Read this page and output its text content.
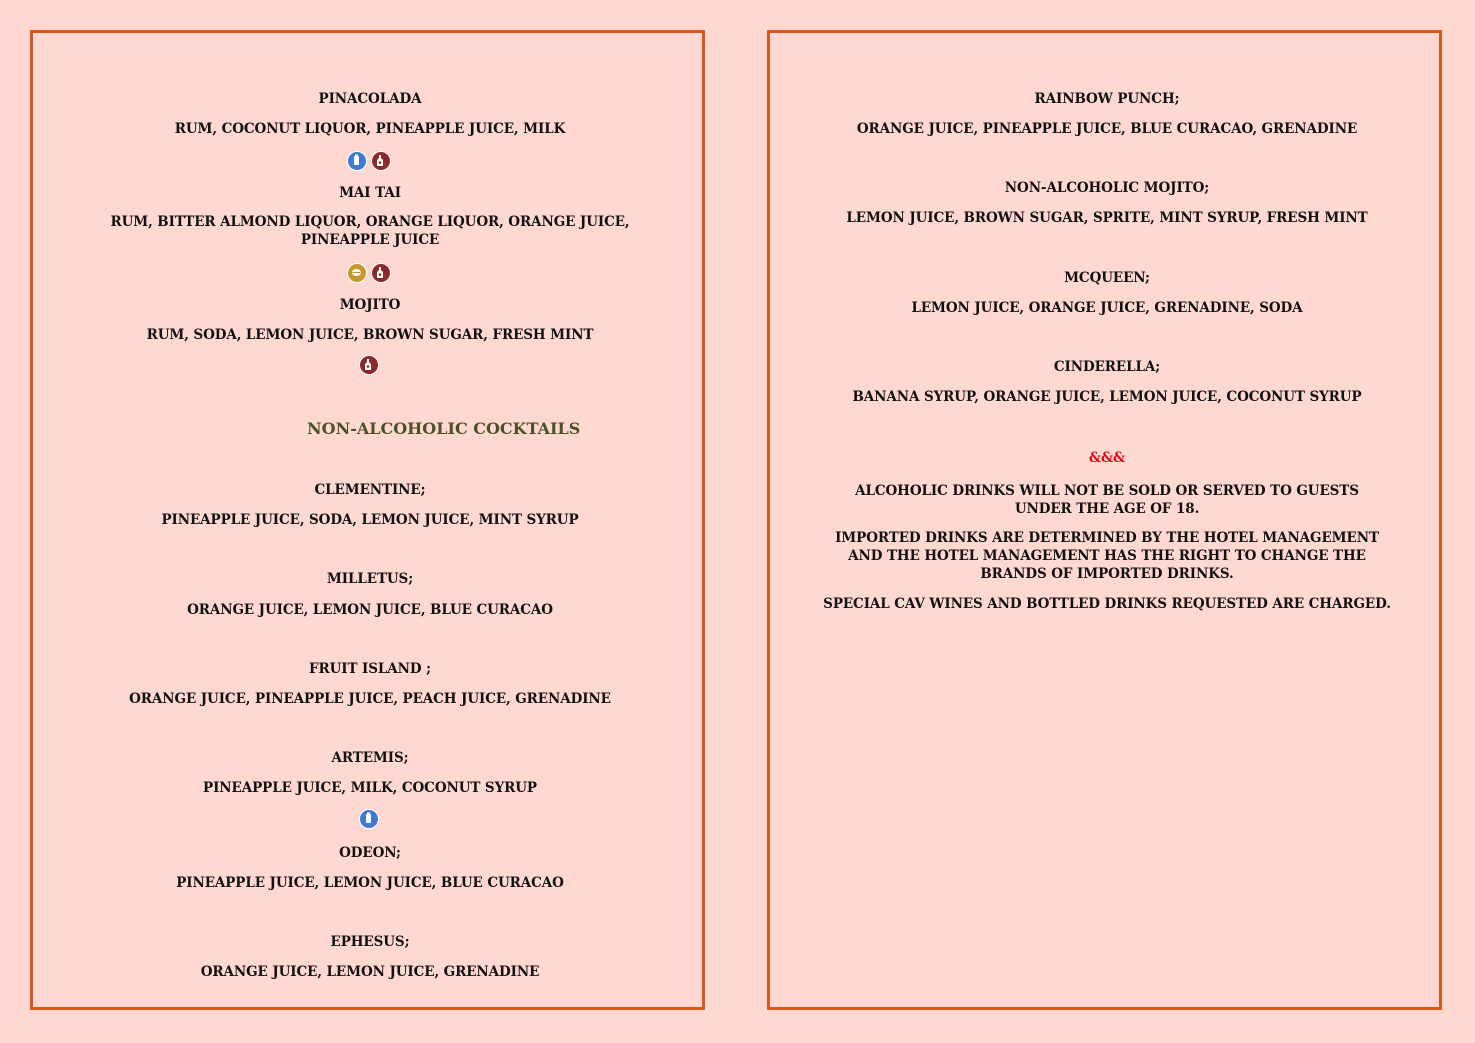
PINACOLADA
RUM, COCONUT LIQUOR, PINEAPPLE JUICE, MILK
MAI TAI
RUM, BITTER ALMOND LIQUOR, ORANGE LIQUOR, ORANGE JUICE, PINEAPPLE JUICE
MOJITO
RUM, SODA, LEMON JUICE, BROWN SUGAR, FRESH MINT
NON-ALCOHOLIC COCKTAILS
CLEMENTINE;
PINEAPPLE JUICE, SODA, LEMON JUICE, MINT SYRUP
MILLETUS;
ORANGE JUICE, LEMON JUICE, BLUE CURACAO
FRUIT ISLAND ;
ORANGE JUICE, PINEAPPLE JUICE, PEACH JUICE, GRENADINE
ARTEMIS;
PINEAPPLE JUICE, MILK, COCONUT SYRUP
ODEON;
PINEAPPLE JUICE, LEMON JUICE, BLUE CURACAO
EPHESUS;
ORANGE JUICE, LEMON JUICE, GRENADINE
RAINBOW PUNCH;
ORANGE JUICE, PINEAPPLE JUICE, BLUE CURACAO, GRENADINE
NON-ALCOHOLIC MOJITO;
LEMON JUICE, BROWN SUGAR, SPRITE, MINT SYRUP, FRESH MINT
MCQUEEN;
LEMON JUICE, ORANGE JUICE, GRENADINE, SODA
CINDERELLA;
BANANA SYRUP, ORANGE JUICE, LEMON JUICE, COCONUT SYRUP
&&&
ALCOHOLIC DRINKS WILL NOT BE SOLD OR SERVED TO GUESTS UNDER THE AGE OF 18.
IMPORTED DRINKS ARE DETERMINED BY THE HOTEL MANAGEMENT AND THE HOTEL MANAGEMENT HAS THE RIGHT TO CHANGE THE BRANDS OF IMPORTED DRINKS.
SPECIAL CAV WINES AND BOTTLED DRINKS REQUESTED ARE CHARGED.
